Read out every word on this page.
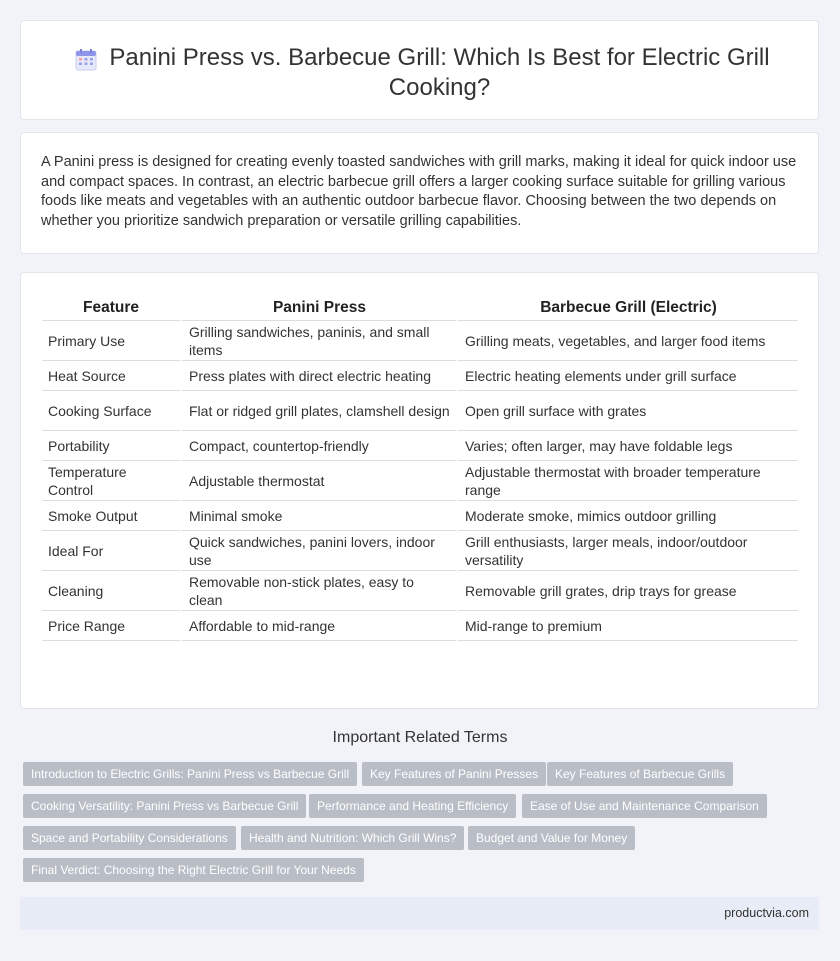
Panini Press vs. Barbecue Grill: Which Is Best for Electric Grill Cooking?

A Panini press is designed for creating evenly toasted sandwiches with grill marks, making it ideal for quick indoor use and compact spaces. In contrast, an electric barbecue grill offers a larger cooking surface suitable for grilling various foods like meats and vegetables with an authentic outdoor barbecue flavor. Choosing between the two depends on whether you prioritize sandwich preparation or versatile grilling capabilities.

Feature	Panini Press	Barbecue Grill (Electric)
Primary Use	Grilling sandwiches, paninis, and small items	Grilling meats, vegetables, and larger food items
Heat Source	Press plates with direct electric heating	Electric heating elements under grill surface
Cooking Surface	Flat or ridged grill plates, clamshell design	Open grill surface with grates
Portability	Compact, countertop-friendly	Varies; often larger, may have foldable legs
Temperature Control	Adjustable thermostat	Adjustable thermostat with broader temperature range
Smoke Output	Minimal smoke	Moderate smoke, mimics outdoor grilling
Ideal For	Quick sandwiches, panini lovers, indoor use	Grill enthusiasts, larger meals, indoor/outdoor versatility
Cleaning	Removable non-stick plates, easy to clean	Removable grill grates, drip trays for grease
Price Range	Affordable to mid-range	Mid-range to premium
Important Related Terms
Introduction to Electric Grills: Panini Press vs Barbecue Grill	Key Features of Panini Presses	Key Features of Barbecue Grills
Cooking Versatility: Panini Press vs Barbecue Grill	Performance and Heating Efficiency	Ease of Use and Maintenance Comparison
Space and Portability Considerations	Health and Nutrition: Which Grill Wins?	Budget and Value for Money
Final Verdict: Choosing the Right Electric Grill for Your Needs
productvia.com
